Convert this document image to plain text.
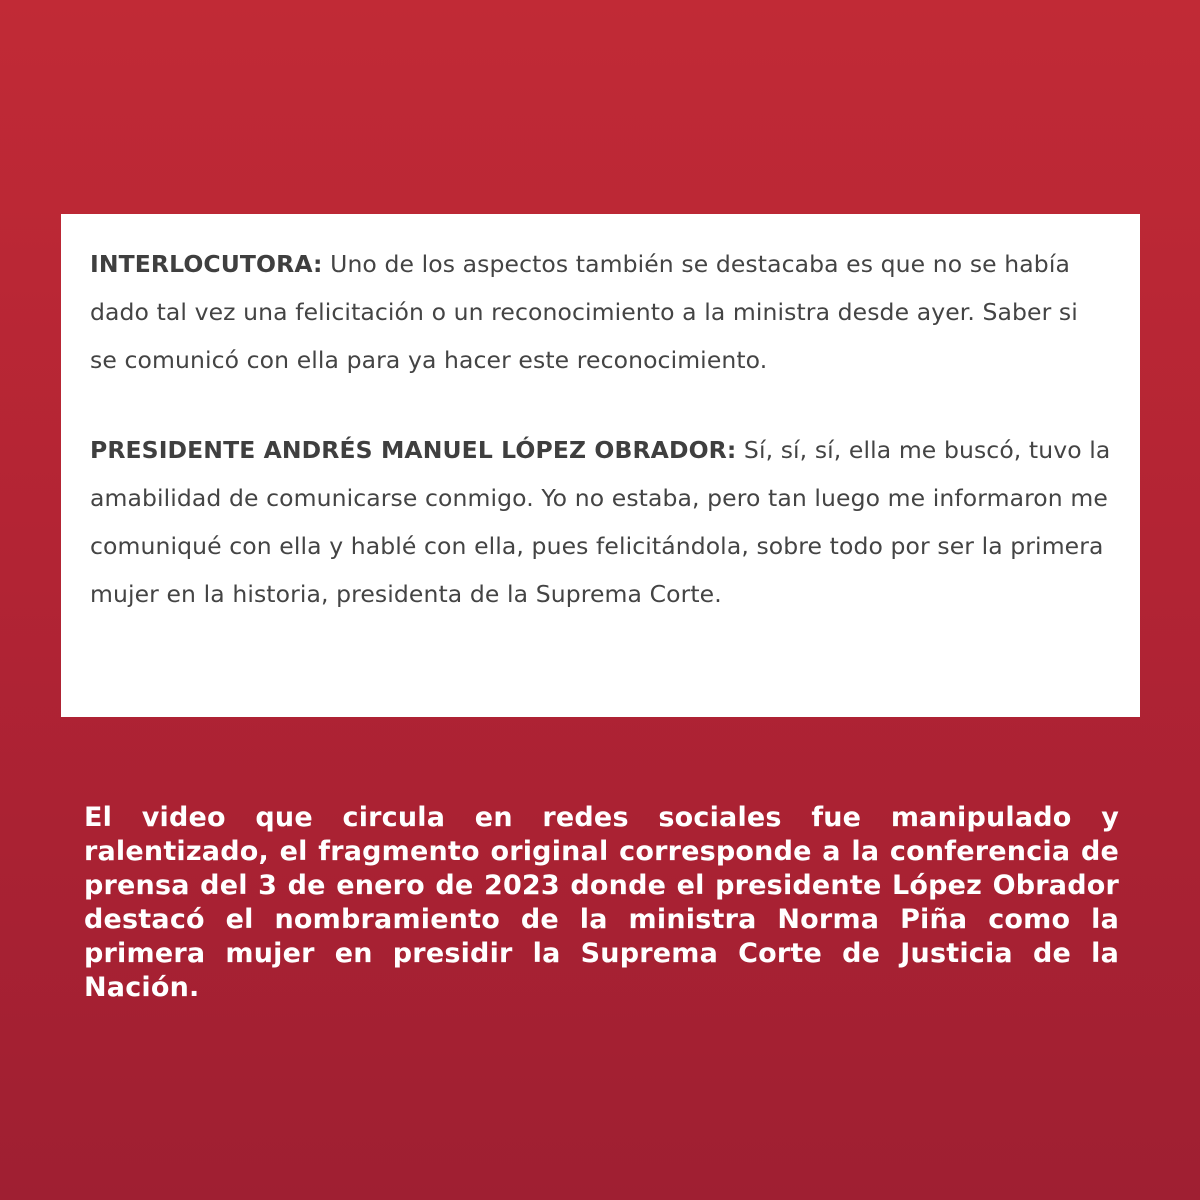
INTERLOCUTORA: Uno de los aspectos también se destacaba es que no se había dado tal vez una felicitación o un reconocimiento a la ministra desde ayer. Saber si se comunicó con ella para ya hacer este reconocimiento.

PRESIDENTE ANDRÉS MANUEL LÓPEZ OBRADOR: Sí, sí, sí, ella me buscó, tuvo la amabilidad de comunicarse conmigo. Yo no estaba, pero tan luego me informaron me comuniqué con ella y hablé con ella, pues felicitándola, sobre todo por ser la primera mujer en la historia, presidenta de la Suprema Corte.

El video que circula en redes sociales fue manipulado y ralentizado, el fragmento original corresponde a la conferencia de prensa del 3 de enero de 2023 donde el presidente López Obrador destacó el nombramiento de la ministra Norma Piña como la primera mujer en presidir la Suprema Corte de Justicia de la Nación.
